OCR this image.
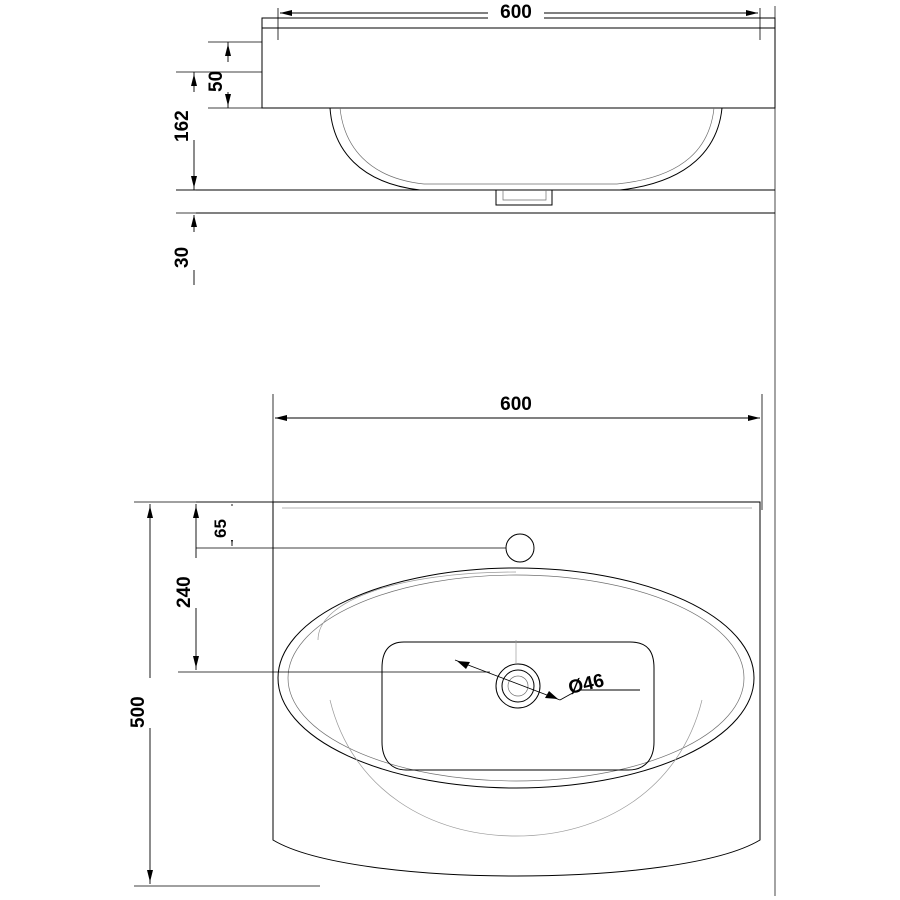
600
50
162
30
600
65
240
500
Ø46
